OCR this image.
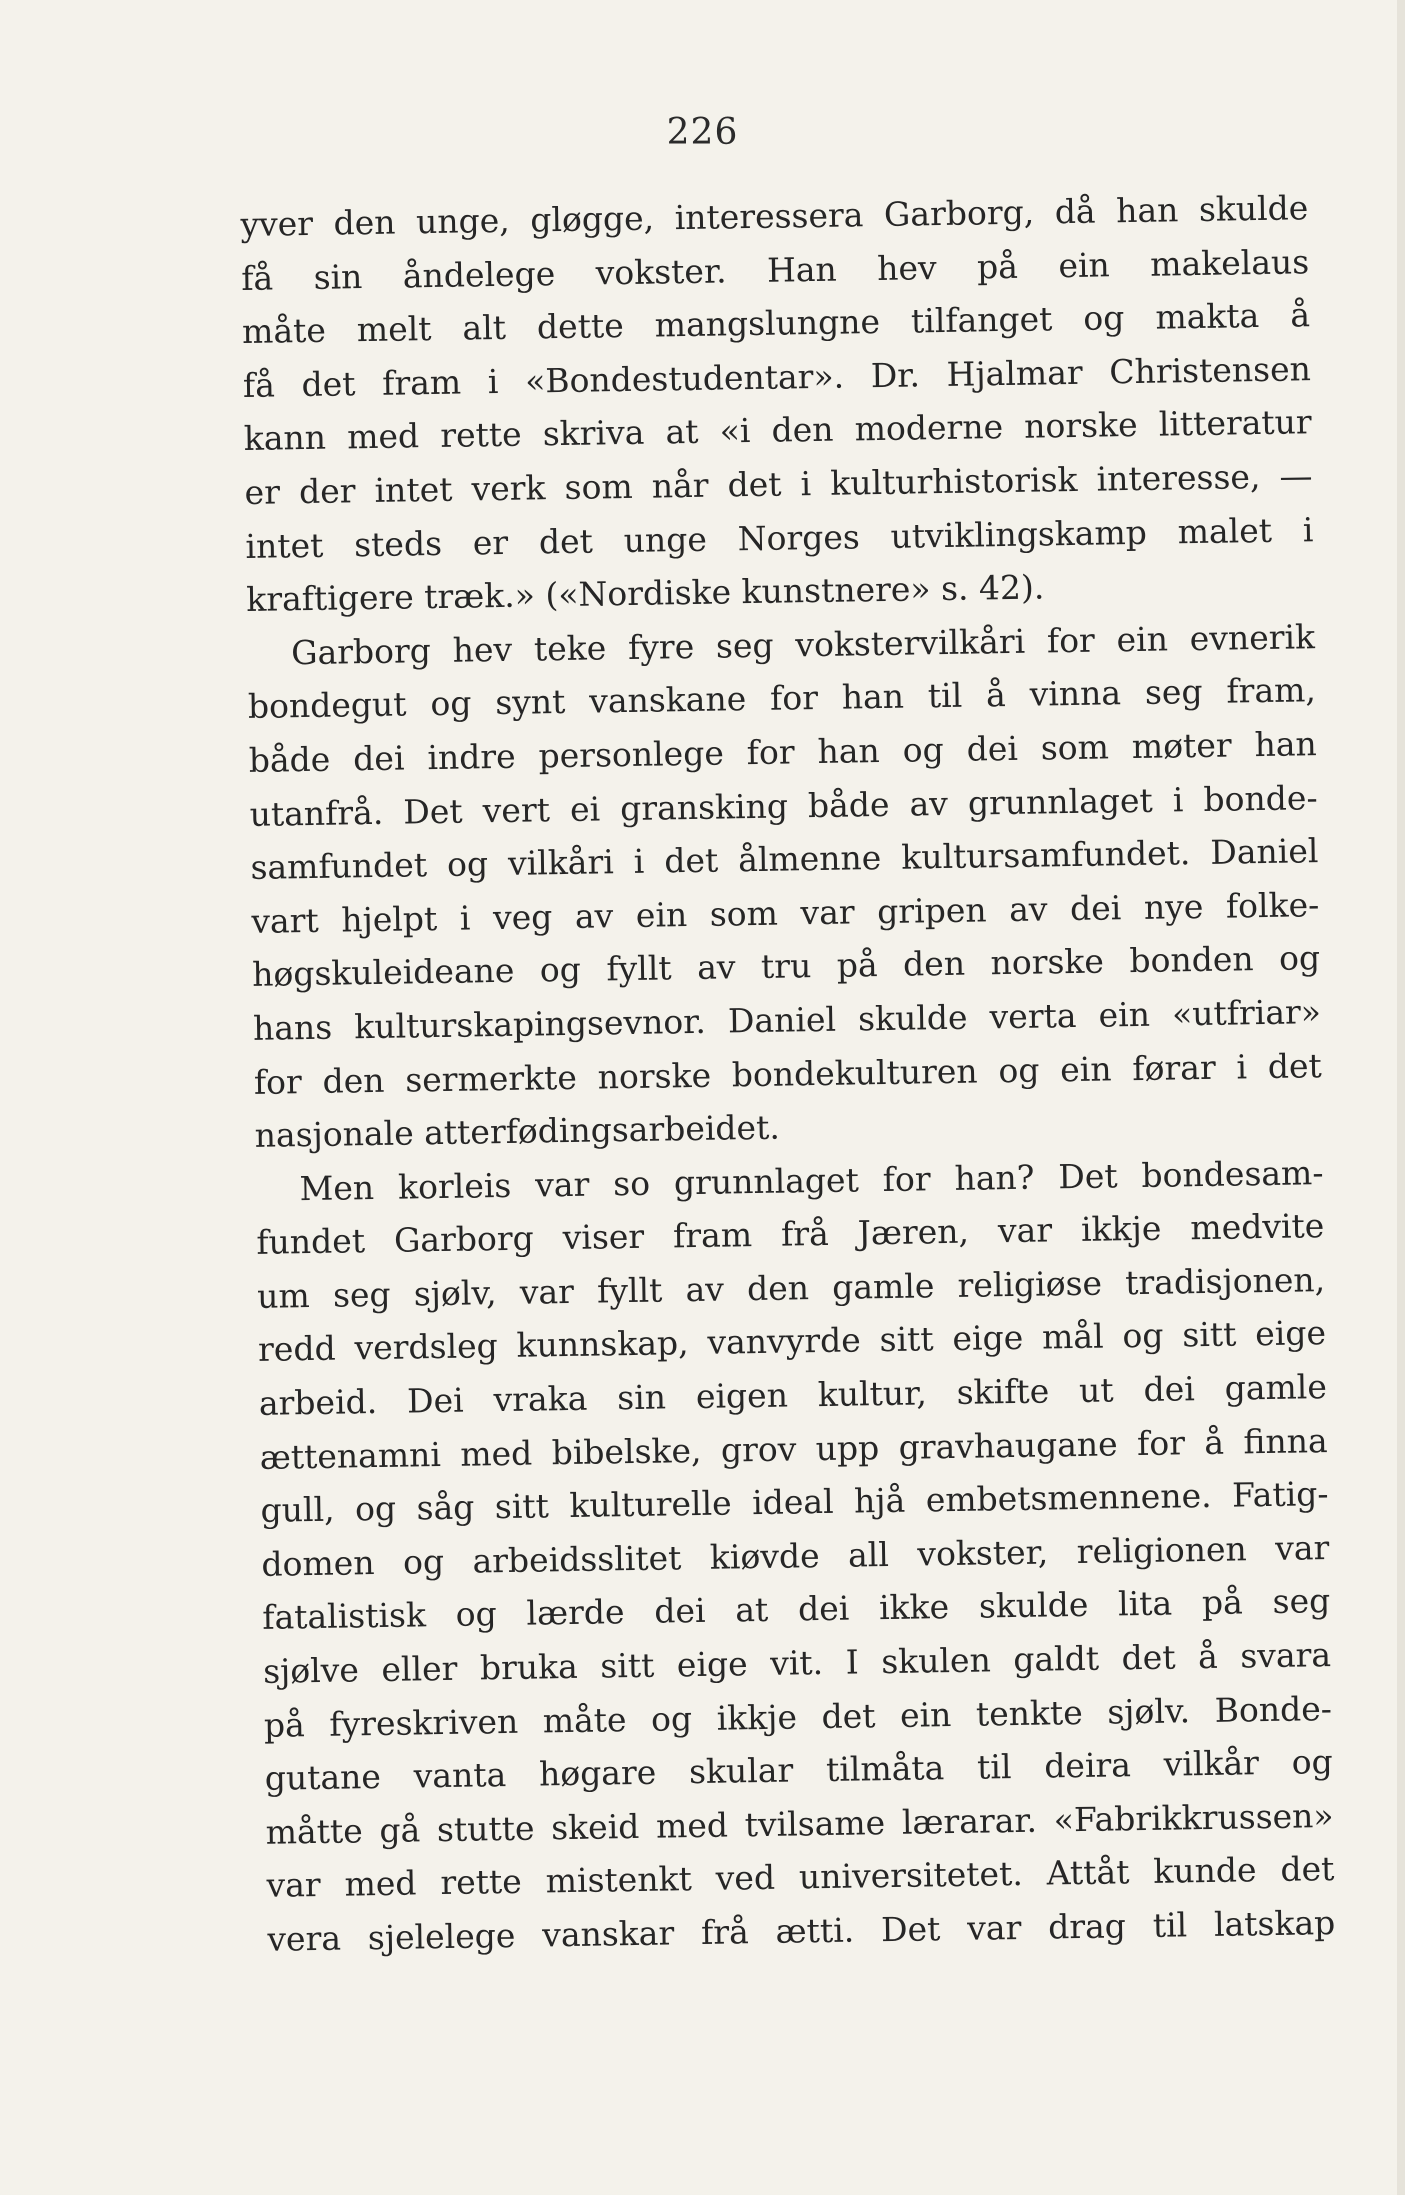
226
yver den unge, gløgge, interessera Garborg, då han skulde
få sin åndelege vokster. Han hev på ein makelaus
måte melt alt dette mangslungne tilfanget og makta å
få det fram i «Bondestudentar». Dr. Hjalmar Christensen
kann med rette skriva at «i den moderne norske litteratur
er der intet verk som når det i kulturhistorisk interesse, —
intet steds er det unge Norges utviklingskamp malet i
kraftigere træk.» («Nordiske kunstnere» s. 42).
Garborg hev teke fyre seg vokstervilkåri for ein evnerik
bondegut og synt vanskane for han til å vinna seg fram,
både dei indre personlege for han og dei som møter han
utanfrå. Det vert ei gransking både av grunnlaget i bonde-
samfundet og vilkåri i det ålmenne kultursamfundet. Daniel
vart hjelpt i veg av ein som var gripen av dei nye folke-
høgskuleideane og fyllt av tru på den norske bonden og
hans kulturskapingsevnor. Daniel skulde verta ein «utfriar»
for den sermerkte norske bondekulturen og ein førar i det
nasjonale atterfødingsarbeidet.
Men korleis var so grunnlaget for han? Det bondesam-
fundet Garborg viser fram frå Jæren, var ikkje medvite
um seg sjølv, var fyllt av den gamle religiøse tradisjonen,
redd verdsleg kunnskap, vanvyrde sitt eige mål og sitt eige
arbeid. Dei vraka sin eigen kultur, skifte ut dei gamle
ættenamni med bibelske, grov upp gravhaugane for å finna
gull, og såg sitt kulturelle ideal hjå embetsmennene. Fatig-
domen og arbeidsslitet kiøvde all vokster, religionen var
fatalistisk og lærde dei at dei ikke skulde lita på seg
sjølve eller bruka sitt eige vit. I skulen galdt det å svara
på fyreskriven måte og ikkje det ein tenkte sjølv. Bonde-
gutane vanta høgare skular tilmåta til deira vilkår og
måtte gå stutte skeid med tvilsame lærarar. «Fabrikkrussen»
var med rette mistenkt ved universitetet. Attåt kunde det
vera sjelelege vanskar frå ætti. Det var drag til latskap
